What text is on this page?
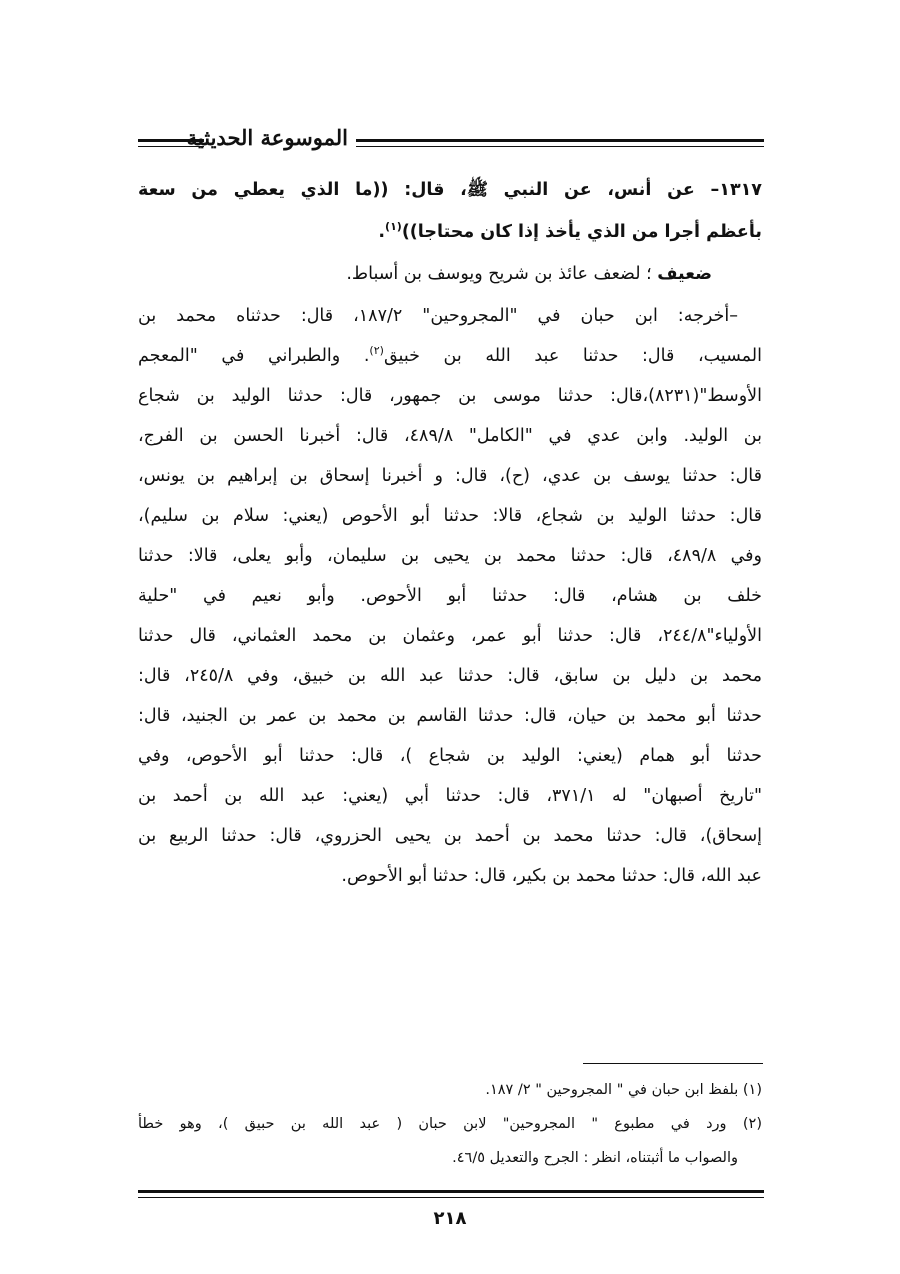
الموسوعة الحديثية
١٣١٧– عن أنس، عن النبي ﷺ، قال: ((ما الذي يعطي من سعة
بأعظم أجرا من الذي يأخذ إذا كان محتاجا))$^{(١)}$.
ضعيف ؛ لضعف عائذ بن شريح ويوسف بن أسباط.
–أخرجه: ابن حبان في "المجروحين" ١٨٧/٢، قال: حدثناه محمد بن
المسيب، قال: حدثنا عبد الله بن خبيق$^{(٢)}$. والطبراني في "المعجم
الأوسط"(٨٢٣١)،قال: حدثنا موسى بن جمهور، قال: حدثنا الوليد بن شجاع
بن الوليد. وابن عدي في "الكامل" ٤٨٩/٨، قال: أخبرنا الحسن بن الفرج،
قال: حدثنا يوسف بن عدي، (ح)، قال: و أخبرنا إسحاق بن إبراهيم بن يونس،
قال: حدثنا الوليد بن شجاع، قالا: حدثنا أبو الأحوص (يعني: سلام بن سليم)،
وفي ٤٨٩/٨، قال: حدثنا محمد بن يحيى بن سليمان، وأبو يعلى، قالا: حدثنا
خلف بن هشام، قال: حدثنا أبو الأحوص. وأبو نعيم في "حلية
الأولياء"٢٤٤/٨، قال: حدثنا أبو عمر، وعثمان بن محمد العثماني، قال حدثنا
محمد بن دليل بن سابق، قال: حدثنا عبد الله بن خبيق، وفي ٢٤٥/٨، قال:
حدثنا أبو محمد بن حيان، قال: حدثنا القاسم بن محمد بن عمر بن الجنيد، قال:
حدثنا أبو همام (يعني: الوليد بن شجاع )، قال: حدثنا أبو الأحوص، وفي
"تاريخ أصبهان" له ٣٧١/١، قال: حدثنا أبي (يعني: عبد الله بن أحمد بن
إسحاق)، قال: حدثنا محمد بن أحمد بن يحيى الحزروي، قال: حدثنا الربيع بن
عبد الله، قال: حدثنا محمد بن بكير، قال: حدثنا أبو الأحوص.
(١) بلفظ ابن حبان في " المجروحين " ٢/ ١٨٧.
(٢) ورد في مطبوع " المجروحين" لابن حبان ( عبد الله بن حبيق )، وهو خطأ
والصواب ما أثبتناه، انظر : الجرح والتعديل ٤٦/٥.
٢١٨
